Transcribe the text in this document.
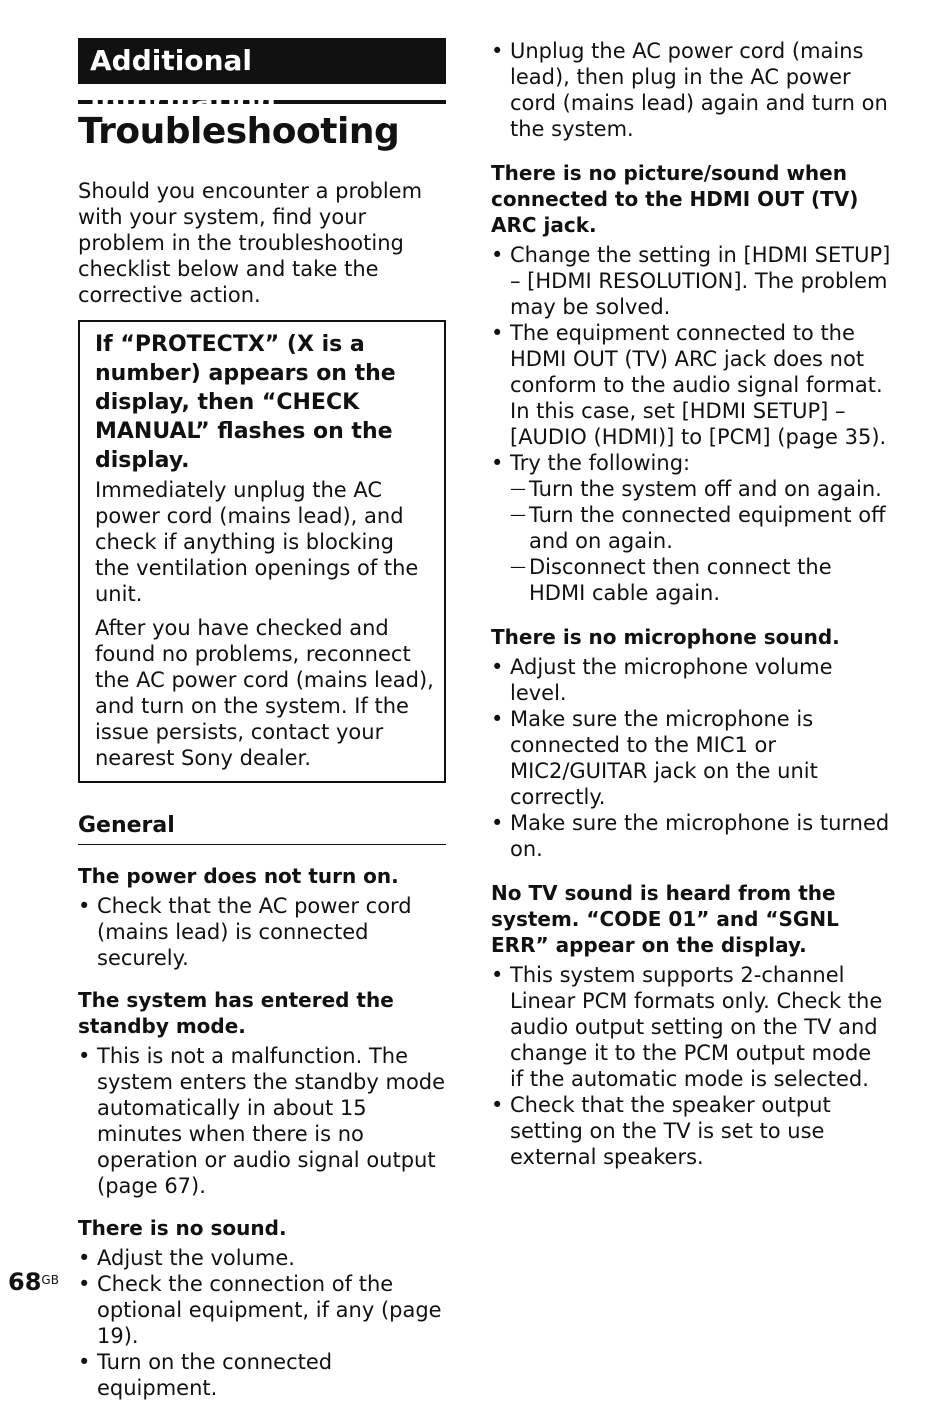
Additional Information
Troubleshooting

Should you encounter a problem with your system, find your problem in the troubleshooting checklist below and take the corrective action.

If “PROTECTX” (X is a number) appears on the display, then “CHECK MANUAL” flashes on the display.

Immediately unplug the AC power cord (mains lead), and check if anything is blocking the ventilation openings of the unit.

After you have checked and found no problems, reconnect the AC power cord (mains lead), and turn on the system. If the issue persists, contact your nearest Sony dealer.

General
The power does not turn on.
• Check that the AC power cord (mains lead) is connected securely.
The system has entered the standby mode.
• This is not a malfunction. The system enters the standby mode automatically in about 15 minutes when there is no operation or audio signal output (page 67).
There is no sound.
• Adjust the volume.
• Check the connection of the optional equipment, if any (page 19).
• Turn on the connected equipment.
• Unplug the AC power cord (mains lead), then plug in the AC power cord (mains lead) again and turn on the system.
There is no picture/sound when connected to the HDMI OUT (TV) ARC jack.
• Change the setting in [HDMI SETUP] – [HDMI RESOLUTION]. The problem may be solved.
• The equipment connected to the HDMI OUT (TV) ARC jack does not conform to the audio signal format. In this case, set [HDMI SETUP] – [AUDIO (HDMI)] to [PCM] (page 35).
• Try the following:
— Turn the system off and on again.
— Turn the connected equipment off and on again.
— Disconnect then connect the HDMI cable again.
There is no microphone sound.
• Adjust the microphone volume level.
• Make sure the microphone is connected to the MIC1 or MIC2/GUITAR jack on the unit correctly.
• Make sure the microphone is turned on.
No TV sound is heard from the system. “CODE 01” and “SGNL ERR” appear on the display.
• This system supports 2-channel Linear PCM formats only. Check the audio output setting on the TV and change it to the PCM output mode if the automatic mode is selected.
• Check that the speaker output setting on the TV is set to use external speakers.
$68^{GB}$
